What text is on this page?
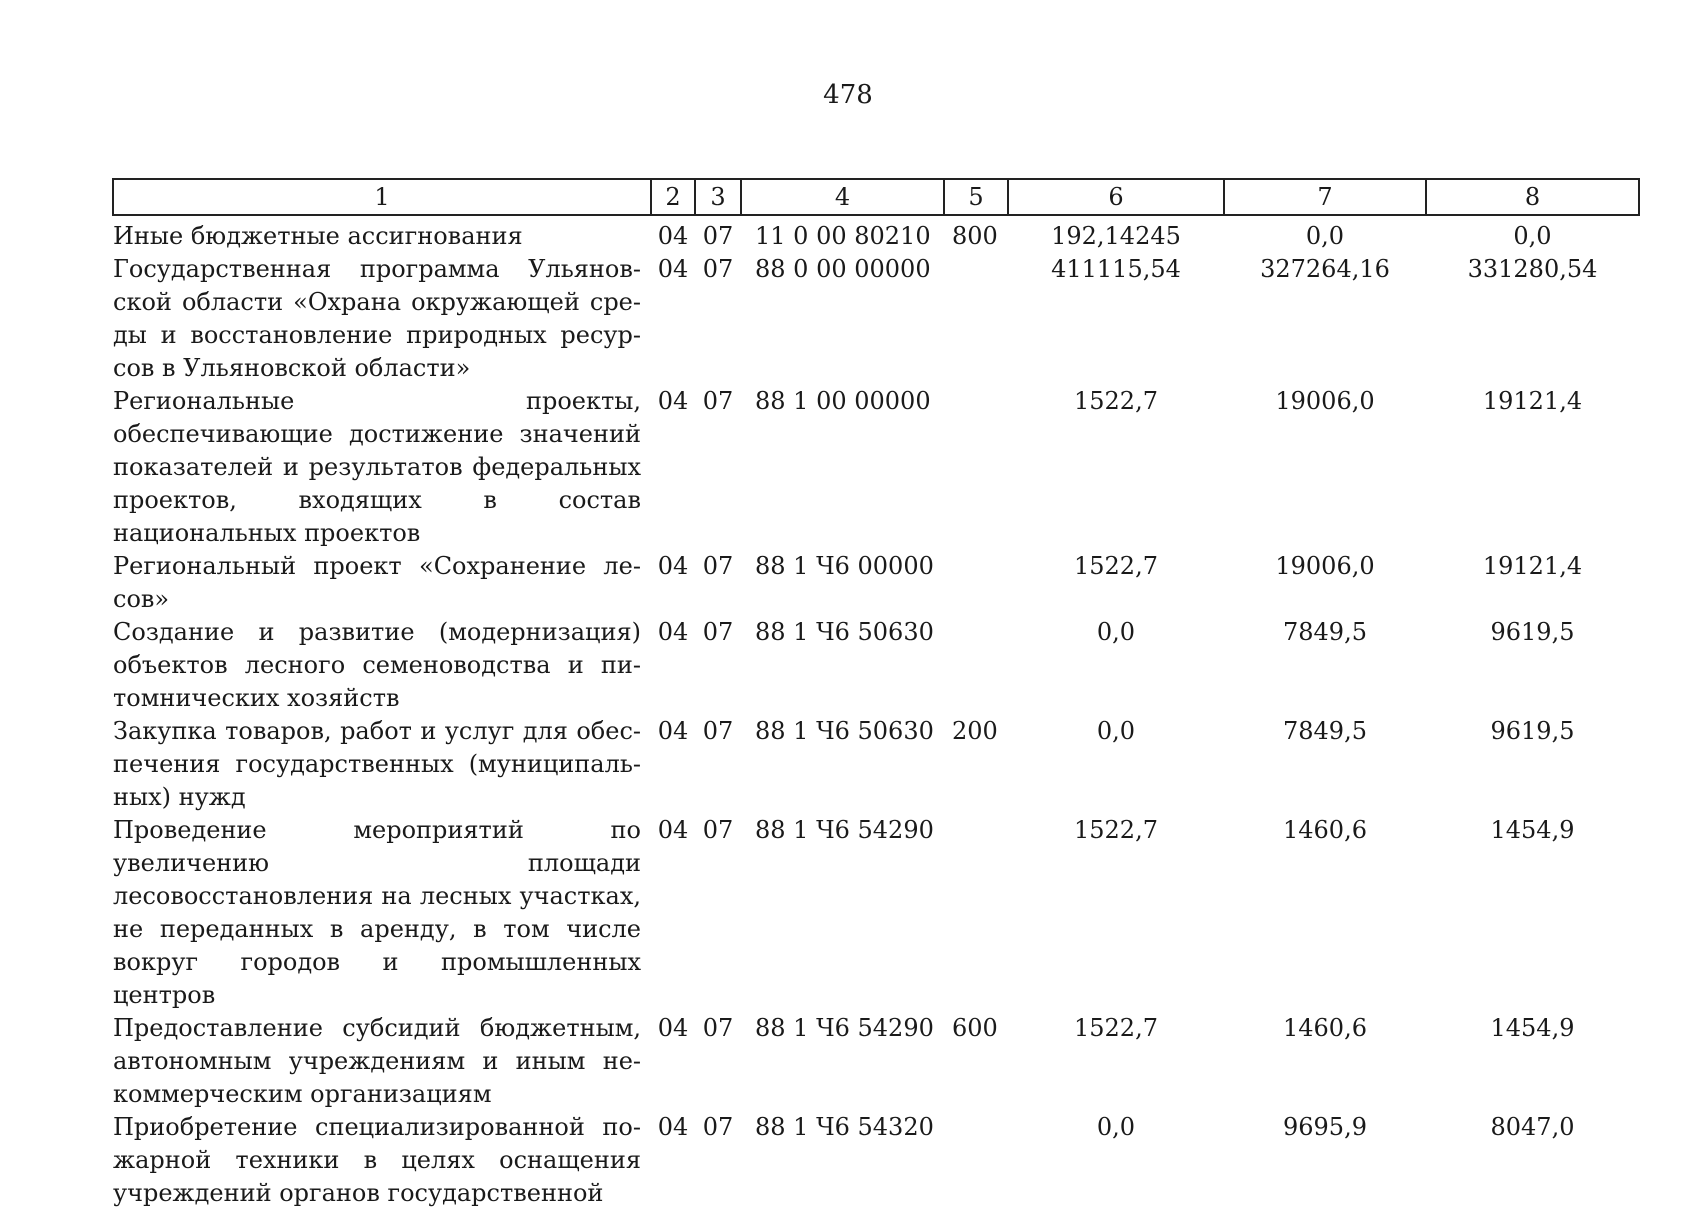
478
1	2	3	4	5	6	7	8
Иные бюджетные ассигнования	04	07	11 0 00 80210	800	192,14245	0,0	0,0
Государственная программа Ульяновской области «Охрана окружающей среды и восстановление природных ресурсов в Ульяновской области»	04	07	88 0 00 00000		411115,54	327264,16	331280,54
Региональные проекты, обеспечивающие достижение значений показателей и результатов федеральных проектов, входящих в состав национальных проектов	04	07	88 1 00 00000		1522,7	19006,0	19121,4
Региональный проект «Сохранение лесов»	04	07	88 1 Ч6 00000		1522,7	19006,0	19121,4
Создание и развитие (модернизация) объектов лесного семеноводства и питомнических хозяйств	04	07	88 1 Ч6 50630		0,0	7849,5	9619,5
Закупка товаров, работ и услуг для обеспечения государственных (муниципальных) нужд	04	07	88 1 Ч6 50630	200	0,0	7849,5	9619,5
Проведение мероприятий по увеличению площади лесовосстановления на лесных участках, не переданных в аренду, в том числе вокруг городов и промышленных центров	04	07	88 1 Ч6 54290		1522,7	1460,6	1454,9
Предоставление субсидий бюджетным, автономным учреждениям и иным некоммерческим организациям	04	07	88 1 Ч6 54290	600	1522,7	1460,6	1454,9
Приобретение специализированной пожарной техники в целях оснащения учреждений органов государственной	04	07	88 1 Ч6 54320		0,0	9695,9	8047,0
